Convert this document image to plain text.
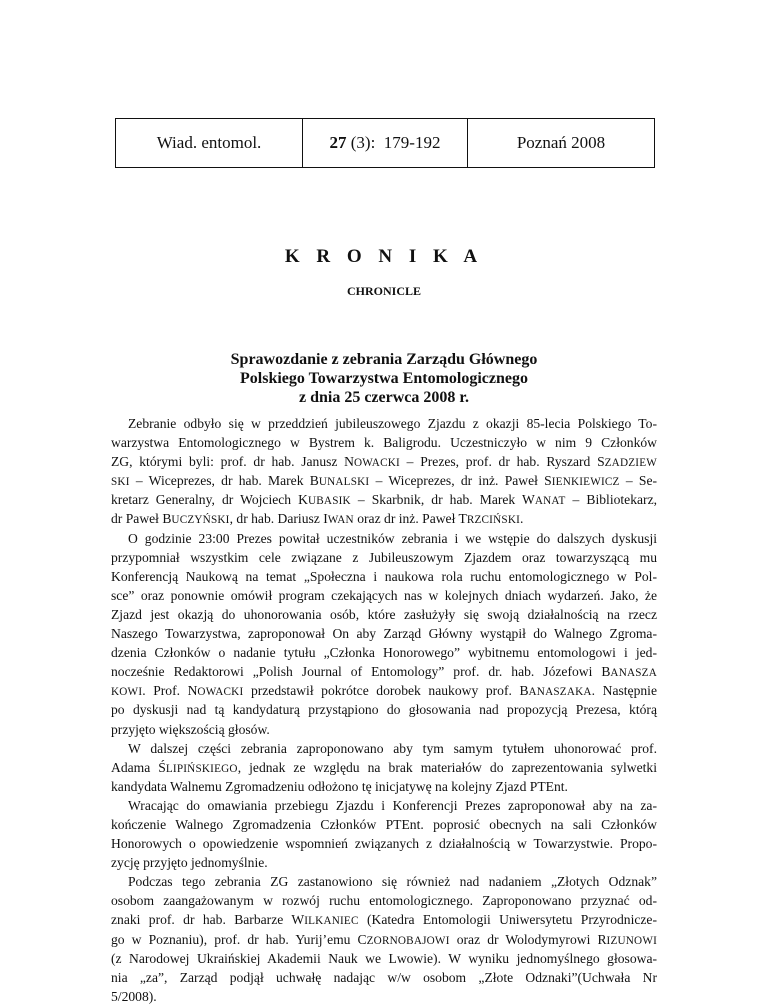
Wiad. entomol.	27 (3):  179-192	Poznań 2008
K R O N I K A
CHRONICLE
Sprawozdanie z zebrania Zarządu Głównego
Polskiego Towarzystwa Entomologicznego
z dnia 25 czerwca 2008 r.
Zebranie odbyło się w przeddzień jubileuszowego Zjazdu z okazji 85-lecia Polskiego To-
warzystwa Entomologicznego w Bystrem k. Baligrodu. Uczestniczyło w nim 9 Członków
ZG, którymi byli: prof. dr hab. Janusz NOWACKI – Prezes, prof. dr hab. Ryszard SZADZIEW
SKI – Wiceprezes, dr hab. Marek BUNALSKI – Wiceprezes, dr inż. Paweł SIENKIEWICZ – Se-
kretarz Generalny, dr Wojciech KUBASIK – Skarbnik, dr hab. Marek WANAT – Bibliotekarz,
dr Paweł BUCZYŃSKI, dr hab. Dariusz IWAN oraz dr inż. Paweł TRZCIŃSKI.
O godzinie 23:00 Prezes powitał uczestników zebrania i we wstępie do dalszych dyskusji
przypomniał wszystkim cele związane z Jubileuszowym Zjazdem oraz towarzyszącą mu
Konferencją Naukową na temat „Społeczna i naukowa rola ruchu entomologicznego w Pol-
sce” oraz ponownie omówił program czekających nas w kolejnych dniach wydarzeń. Jako, że
Zjazd jest okazją do uhonorowania osób, które zasłużyły się swoją działalnością na rzecz
Naszego Towarzystwa, zaproponował On aby Zarząd Główny wystąpił do Walnego Zgroma-
dzenia Członków o nadanie tytułu „Członka Honorowego” wybitnemu entomologowi i jed-
nocześnie Redaktorowi „Polish Journal of Entomology” prof. dr. hab. Józefowi BANASZA
KOWI. Prof. NOWACKI przedstawił pokrótce dorobek naukowy prof. BANASZAKA. Następnie
po dyskusji nad tą kandydaturą przystąpiono do głosowania nad propozycją Prezesa, którą
przyjęto większością głosów.
W dalszej części zebrania zaproponowano aby tym samym tytułem uhonorować prof.
Adama ŚLIPIŃSKIEGO, jednak ze względu na brak materiałów do zaprezentowania sylwetki
kandydata Walnemu Zgromadzeniu odłożono tę inicjatywę na kolejny Zjazd PTEnt.
Wracając do omawiania przebiegu Zjazdu i Konferencji Prezes zaproponował aby na za-
kończenie Walnego Zgromadzenia Członków PTEnt. poprosić obecnych na sali Członków
Honorowych o opowiedzenie wspomnień związanych z działalnością w Towarzystwie. Propo-
zycję przyjęto jednomyślnie.
Podczas tego zebrania ZG zastanowiono się również nad nadaniem „Złotych Odznak”
osobom zaangażowanym w rozwój ruchu entomologicznego. Zaproponowano przyznać od-
znaki prof. dr hab. Barbarze WILKANIEC (Katedra Entomologii Uniwersytetu Przyrodnicze-
go w Poznaniu), prof. dr hab. Yurij’emu CZORNOBAJOWI oraz dr Wolodymyrowi RIZUNOWI
(z Narodowej Ukraińskiej Akademii Nauk we Lwowie). W wyniku jednomyślnego głosowa-
nia „za”, Zarząd podjął uchwałę nadając w/w osobom „Złote Odznaki”(Uchwała Nr
5/2008).
